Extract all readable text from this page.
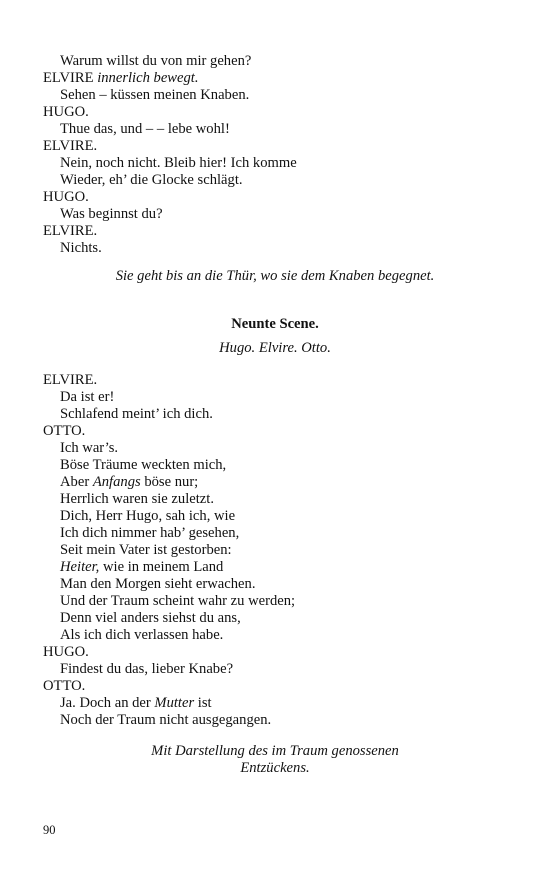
Warum willst du von mir gehen?
ELVIRE innerlich bewegt.
Sehen – küssen meinen Knaben.
HUGO.
Thue das, und – – lebe wohl!
ELVIRE.
Nein, noch nicht. Bleib hier! Ich komme
Wieder, eh’ die Glocke schlägt.
HUGO.
Was beginnst du?
ELVIRE.
Nichts.
Sie geht bis an die Thür, wo sie dem Knaben begegnet.
Neunte Scene.
Hugo. Elvire. Otto.
ELVIRE.
Da ist er!
Schlafend meint’ ich dich.
OTTO.
Ich war’s.
Böse Träume weckten mich,
Aber Anfangs böse nur;
Herrlich waren sie zuletzt.
Dich, Herr Hugo, sah ich, wie
Ich dich nimmer hab’ gesehen,
Seit mein Vater ist gestorben:
Heiter, wie in meinem Land
Man den Morgen sieht erwachen.
Und der Traum scheint wahr zu werden;
Denn viel anders siehst du ans,
Als ich dich verlassen habe.
HUGO.
Findest du das, lieber Knabe?
OTTO.
Ja. Doch an der Mutter ist
Noch der Traum nicht ausgegangen.
Mit Darstellung des im Traum genossenen
Entzückens.
90
